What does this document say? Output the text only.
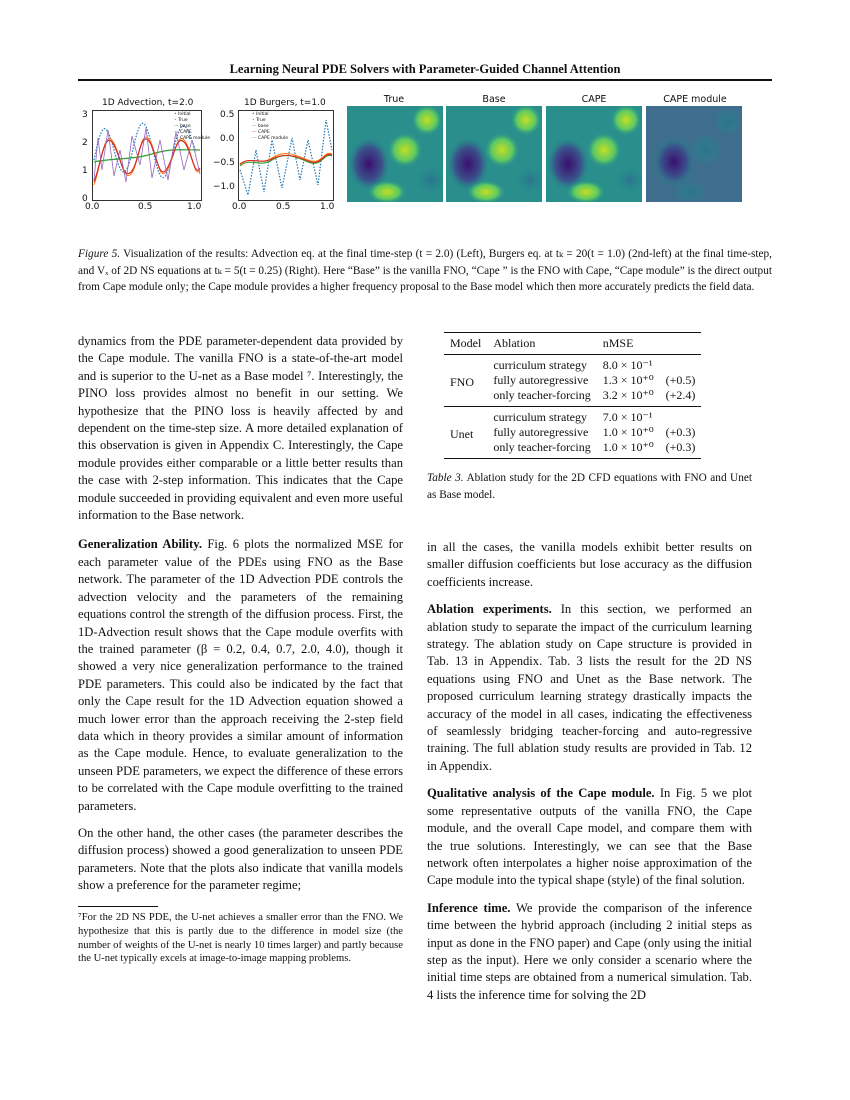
Learning Neural PDE Solvers with Parameter-Guided Channel Attention
1D Advection, t=2.0
3
2
1
0
0.0	0.5	1.0
• Initial
• True
— base
— CAPE
— CAPE module
1D Burgers, t=1.0
0.5
0.0
−0.5
−1.0
0.0	0.5	1.0
• Initial
• True
— base
— CAPE
— CAPE module
True	Base	CAPE	CAPE module
Figure 5. Visualization of the results: Advection eq. at the final time-step (t = 2.0) (Left), Burgers eq. at tₖ = 20(t = 1.0) (2nd-left) at the final time-step, and Vₓ of 2D NS equations at tₖ = 5(t = 0.25) (Right). Here “Base” is the vanilla FNO, “Cape ” is the FNO with Cape, “Cape module” is the direct output from Cape module only; the Cape module provides a higher frequency proposal to the Base model which then more accurately predicts the field data.

dynamics from the PDE parameter-dependent data provided by the Cape module. The vanilla FNO is a state-of-the-art model and is superior to the U-net as a Base model ⁷. Interestingly, the PINO loss provides almost no benefit in our setting. We hypothesize that the PINO loss is heavily affected by and dependent on the time-step size. A more detailed explanation of this observation is given in Appendix C. Interestingly, the Cape module provides either comparable or a little better results than the case with 2-step information. This indicates that the Cape module succeeded in providing equivalent and even more useful information to the Base network.

Generalization Ability. Fig. 6 plots the normalized MSE for each parameter value of the PDEs using FNO as the Base network. The parameter of the 1D Advection PDE controls the advection velocity and the parameters of the remaining equations control the strength of the diffusion process. First, the 1D-Advection result shows that the Cape module overfits with the trained parameter (β = 0.2, 0.4, 0.7, 2.0, 4.0), though it showed a very nice generalization performance to the trained PDE parameters. This could also be indicated by the fact that only the Cape result for the 1D Advection equation showed a much lower error than the approach receiving the 2-step field data which in theory provides a similar amount of information as the Cape module. Hence, to evaluate generalization to the unseen PDE parameters, we expect the difference of these errors to be correlated with the Cape module overfitting to the trained parameters.

On the other hand, the other cases (the parameter describes the diffusion process) showed a good generalization to unseen PDE parameters. Note that the plots also indicate that vanilla models show a preference for the parameter regime;

⁷For the 2D NS PDE, the U-net achieves a smaller error than the FNO. We hypothesize that this is partly due to the difference in model size (the number of weights of the U-net is nearly 10 times larger) and partly because the U-net typically excels at image-to-image mapping problems.
Model	Ablation	nMSE	
FNO	curriculum strategy	8.0 × 10⁻¹	
	fully autoregressive	1.3 × 10⁺⁰	(+0.5)
	only teacher-forcing	3.2 × 10⁺⁰	(+2.4)
Unet	curriculum strategy	7.0 × 10⁻¹	
	fully autoregressive	1.0 × 10⁺⁰	(+0.3)
	only teacher-forcing	1.0 × 10⁺⁰	(+0.3)
Table 3. Ablation study for the 2D CFD equations with FNO and Unet as Base model.

in all the cases, the vanilla models exhibit better results on smaller diffusion coefficients but lose accuracy as the diffusion coefficients increase.

Ablation experiments. In this section, we performed an ablation study to separate the impact of the curriculum learning strategy. The ablation study on Cape structure is provided in Tab. 13 in Appendix. Tab. 3 lists the result for the 2D NS equations using FNO and Unet as the Base network. The proposed curriculum learning strategy drastically impacts the accuracy of the model in all cases, indicating the effectiveness of seamlessly bridging teacher-forcing and auto-regressive training. The full ablation study results are provided in Tab. 12 in Appendix.

Qualitative analysis of the Cape module. In Fig. 5 we plot some representative outputs of the vanilla FNO, the Cape module, and the overall Cape model, and compare them with the true solutions. Interestingly, we can see that the Base network often interpolates a higher noise approximation of the Cape module into the typical shape (style) of the final solution.

Inference time. We provide the comparison of the inference time between the hybrid approach (including 2 initial steps as input as done in the FNO paper) and Cape (only using the initial step as the input). Here we only consider a scenario where the initial time steps are obtained from a numerical simulation. Tab. 4 lists the inference time for solving the 2D
